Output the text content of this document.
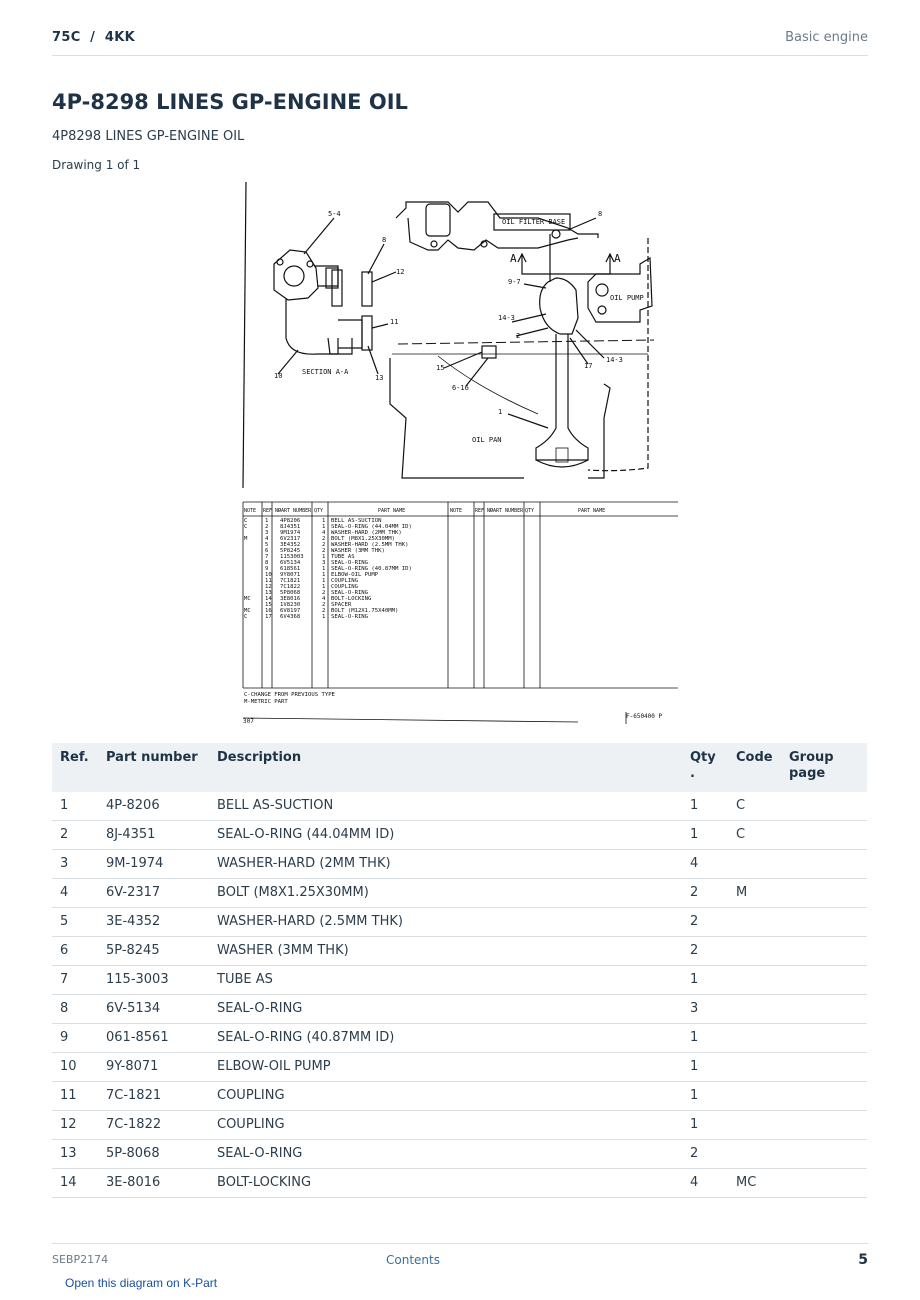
75C  /  4KK	Basic engine
4P-8298 LINES GP-ENGINE OIL
4P8298 LINES GP-ENGINE OIL
Drawing 1 of 1
5-4
8
12
11
13
10	SECTION A-A
OIL FILTER BASE
8
A	A
9-7
OIL PUMP
14-3
2
14-3
17
15
6-16
1
OIL PAN
NOTE REF NO
PART NUMBER QTY	PART NAME	NOTE	REF NO
PART NUMBER QTY	PART NAME
C	1 4P8206	1 BELL AS-SUCTION
C	2 8J4351	1 SEAL-O-RING (44.04MM ID)
3 9M1974	4 WASHER-HARD (2MM THK)
M	4 6V2317	2 BOLT (M8X1.25X30MM)
5 3E4352	2 WASHER-HARD (2.5MM THK)
6 5P8245	2 WASHER (3MM THK)
7 1153003	1 TUBE AS
8 6V5134	3 SEAL-O-RING
9 618561	1 SEAL-O-RING (40.87MM ID)
10 9Y8071	1 ELBOW-OIL PUMP
11 7C1821	1 COUPLING
12 7C1822	1 COUPLING
13 5P8068	2 SEAL-O-RING
MC	14 3E8016	4 BOLT-LOCKING
15 1V8230	2 SPACER
MC	16 6V8197	2 BOLT (M12X1.75X40MM)
C	17 6V4368	1 SEAL-O-RING
C-CHANGE FROM PREVIOUS TYPE
M-METRIC PART
307
F-650400 P
Ref.	Part number	Description	Qty
.	Code	Group
page
1	4P-8206	BELL AS-SUCTION	1	C	
2	8J-4351	SEAL-O-RING (44.04MM ID)	1	C	
3	9M-1974	WASHER-HARD (2MM THK)	4		
4	6V-2317	BOLT (M8X1.25X30MM)	2	M	
5	3E-4352	WASHER-HARD (2.5MM THK)	2		
6	5P-8245	WASHER (3MM THK)	2		
7	115-3003	TUBE AS	1		
8	6V-5134	SEAL-O-RING	3		
9	061-8561	SEAL-O-RING (40.87MM ID)	1		
10	9Y-8071	ELBOW-OIL PUMP	1		
11	7C-1821	COUPLING	1		
12	7C-1822	COUPLING	1		
13	5P-8068	SEAL-O-RING	2		
14	3E-8016	BOLT-LOCKING	4	MC	
SEBP2174	Contents	5
Open this diagram on K-Part
